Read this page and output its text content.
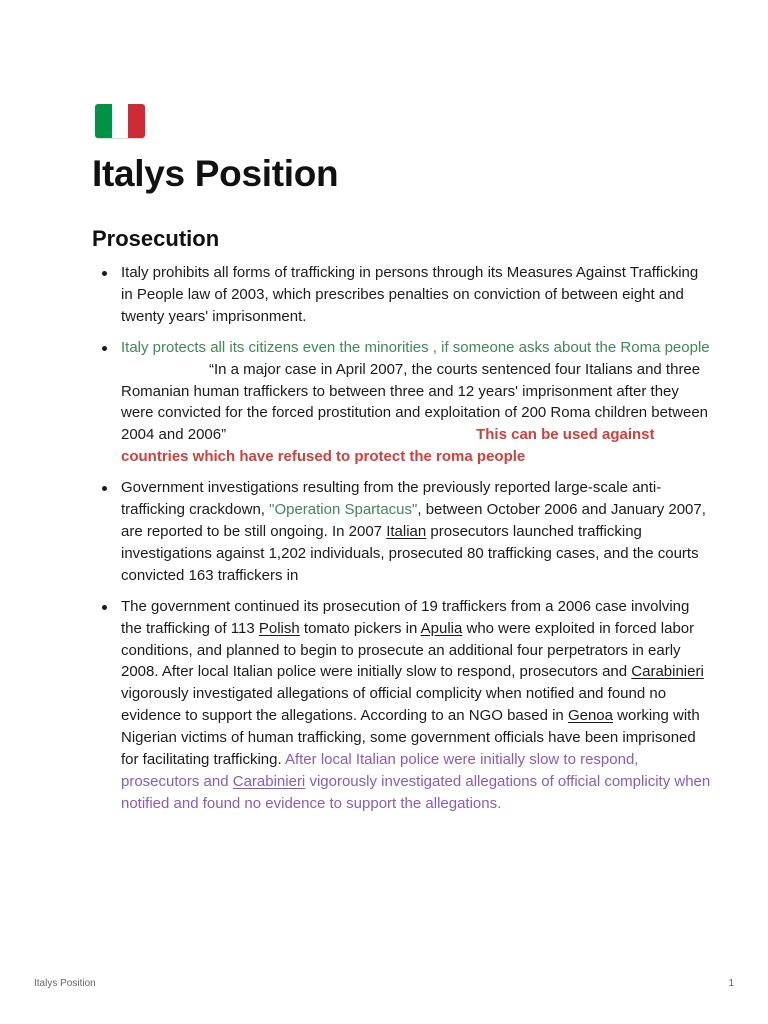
Italys Position
Prosecution
Italy prohibits all forms of trafficking in persons through its Measures Against Trafficking in People law of 2003, which prescribes penalties on conviction of between eight and twenty years' imprisonment.
Italy protects all its citizens even the minorities , if someone asks about the Roma people“In a major case in April 2007, the courts sentenced four Italians and three Romanian human traffickers to between three and 12 years' imprisonment after they were convicted for the forced prostitution and exploitation of 200 Roma children between 2004 and 2006”	This can be used against countries which have refused to protect the roma people
Government investigations resulting from the previously reported large-scale anti-trafficking crackdown, "Operation Spartacus", between October 2006 and January 2007, are reported to be still ongoing. In 2007 Italian prosecutors launched trafficking investigations against 1,202 individuals, prosecuted 80 trafficking cases, and the courts convicted 163 traffickers in
The government continued its prosecution of 19 traffickers from a 2006 case involving the trafficking of 113 Polish tomato pickers in Apulia who were exploited in forced labor conditions, and planned to begin to prosecute an additional four perpetrators in early 2008. After local Italian police were initially slow to respond, prosecutors and Carabinieri vigorously investigated allegations of official complicity when notified and found no evidence to support the allegations. According to an NGO based in Genoa working with Nigerian victims of human trafficking, some government officials have been imprisoned for facilitating trafficking. After local Italian police were initially slow to respond, prosecutors and Carabinieri vigorously investigated allegations of official complicity when notified and found no evidence to support the allegations.
Italys Position	1
